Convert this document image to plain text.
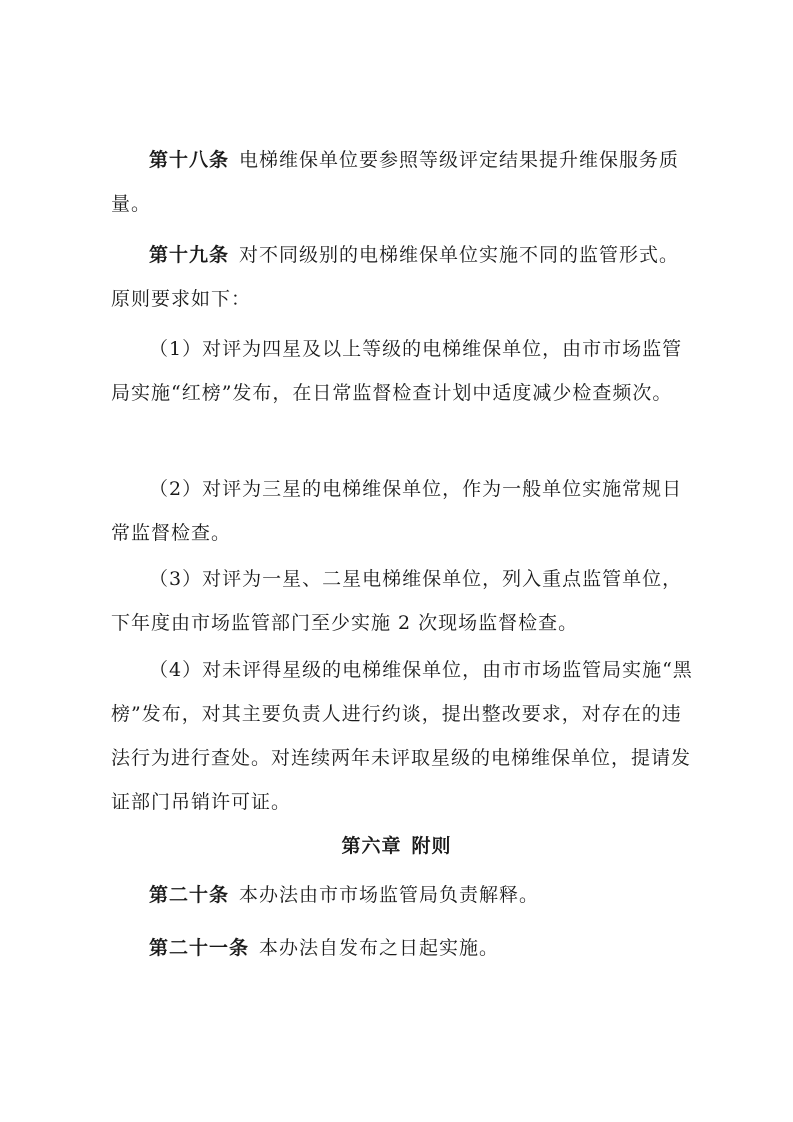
第十八条 电梯维保单位要参照等级评定结果提升维保服务质量。

第十九条 对不同级别的电梯维保单位实施不同的监管形式。原则要求如下：

（1）对评为四星及以上等级的电梯维保单位，由市市场监管局实施“红榜”发布，在日常监督检查计划中适度减少检查频次。

（2）对评为三星的电梯维保单位，作为一般单位实施常规日常监督检查。

（3）对评为一星、二星电梯维保单位，列入重点监管单位，下年度由市场监管部门至少实施 2 次现场监督检查。

（4）对未评得星级的电梯维保单位，由市市场监管局实施“黑榜”发布，对其主要负责人进行约谈，提出整改要求，对存在的违法行为进行查处。对连续两年未评取星级的电梯维保单位，提请发证部门吊销许可证。

第六章 附则

第二十条 本办法由市市场监管局负责解释。

第二十一条 本办法自发布之日起实施。
